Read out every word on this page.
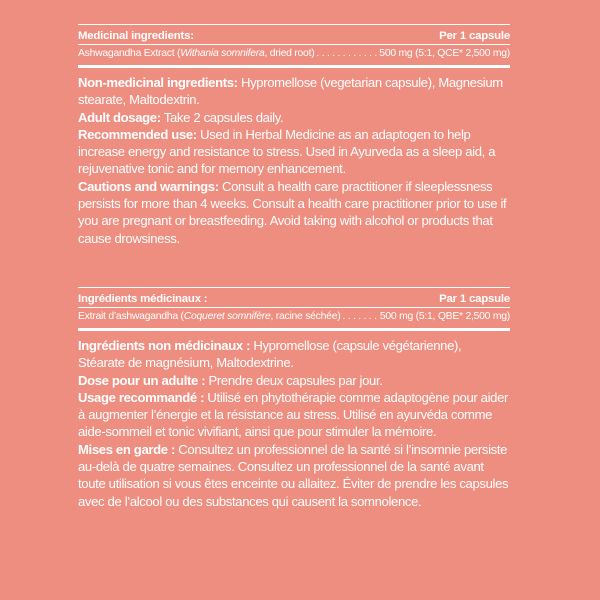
Medicinal ingredients:	Per 1 capsule
Ashwagandha Extract (Withania somnifera, dried root) . . .	500 mg (5:1, QCE* 2,500 mg)

Non-medicinal ingredients: Hypromellose (vegetarian capsule), Magnesium stearate, Maltodextrin.

Adult dosage: Take 2 capsules daily.

Recommended use: Used in Herbal Medicine as an adaptogen to help increase energy and resistance to stress. Used in Ayurveda as a sleep aid, a rejuvenative tonic and for memory enhancement.

Cautions and warnings: Consult a health care practitioner if sleeplessness persists for more than 4 weeks. Consult a health care practitioner prior to use if you are pregnant or breastfeeding. Avoid taking with alcohol or products that cause drowsiness.

Ingrédients médicinaux :	Par 1 capsule
Extrait d’ashwagandha (Coqueret somnifère, racine séchée) . . .	500 mg (5:1, QBE* 2,500 mg)

Ingrédients non médicinaux : Hypromellose (capsule végétarienne), Stéarate de magnésium, Maltodextrine.

Dose pour un adulte : Prendre deux capsules par jour.

Usage recommandé : Utilisé en phytothérapie comme adaptogène pour aider à augmenter l’énergie et la résistance au stress. Utilisé en ayurvéda comme aide-sommeil et tonic vivifiant, ainsi que pour stimuler la mémoire.

Mises en garde : Consultez un professionnel de la santé si l’insomnie persiste au-delà de quatre semaines. Consultez un professionnel de la santé avant toute utilisation si vous êtes enceinte ou allaitez. Éviter de prendre les capsules avec de l’alcool ou des substances qui causent la somnolence.
